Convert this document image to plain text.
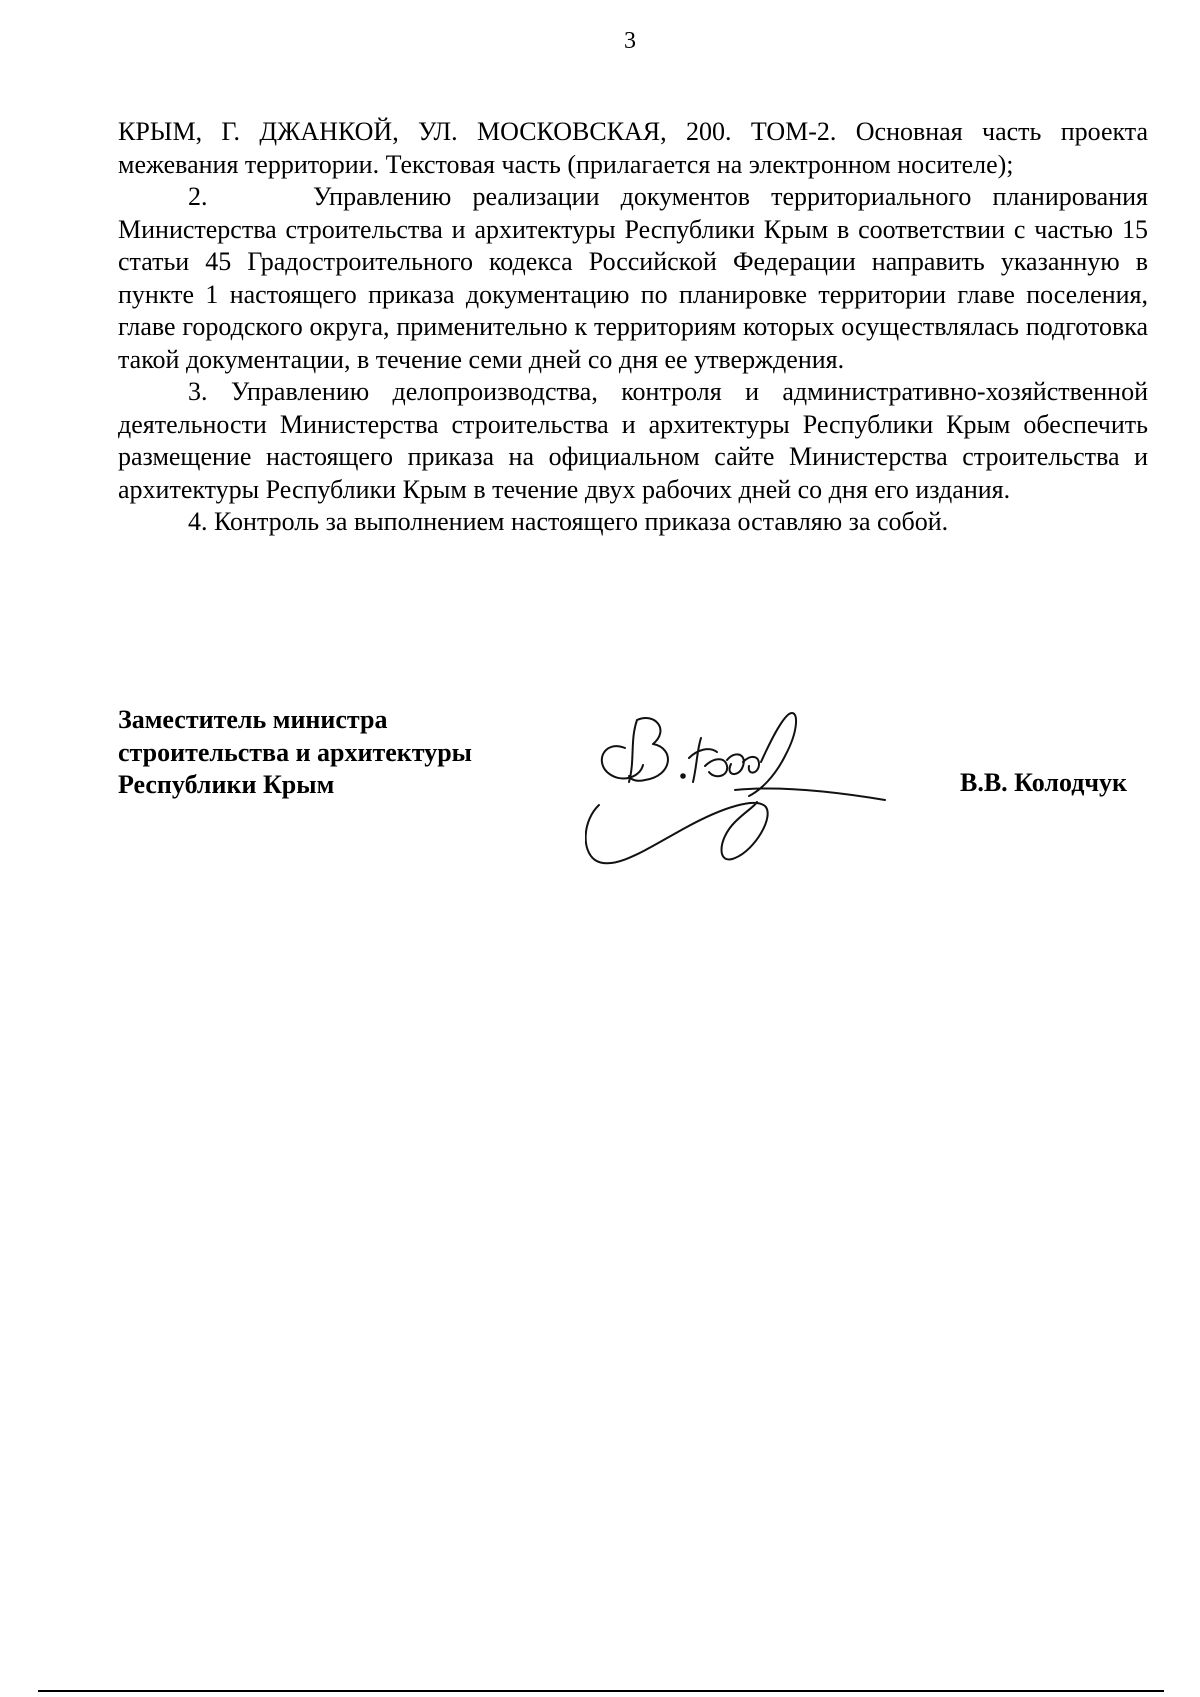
3

КРЫМ, Г. ДЖАНКОЙ, УЛ. МОСКОВСКАЯ, 200. ТОМ-2. Основная часть проекта межевания территории. Текстовая часть (прилагается на электронном носителе);

2.     Управлению реализации документов территориального планирования Министерства строительства и архитектуры Республики Крым в соответствии с частью 15 статьи 45 Градостроительного кодекса Российской Федерации направить указанную в пункте 1 настоящего приказа документацию по планировке территории главе поселения, главе городского округа, применительно к территориям которых осуществлялась подготовка такой документации, в течение семи дней со дня ее утверждения.

3. Управлению делопроизводства, контроля и административно-хозяйственной деятельности Министерства строительства и архитектуры Республики Крым обеспечить размещение настоящего приказа на официальном сайте Министерства строительства и архитектуры Республики Крым в течение двух рабочих дней со дня его издания.

4. Контроль за выполнением настоящего приказа оставляю за собой.

Заместитель министра
строительства и архитектуры
Республики Крым	В.В. Колодчук
